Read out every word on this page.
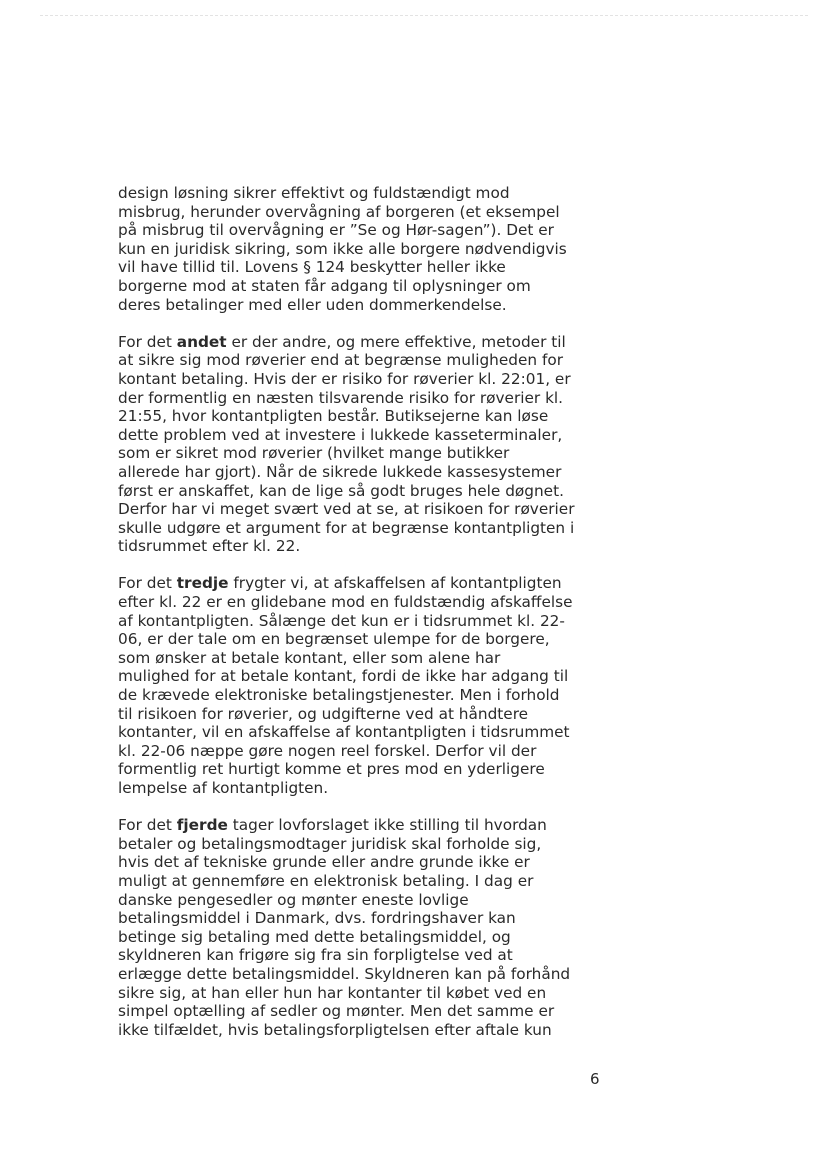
design løsning sikrer effektivt og fuldstændigt mod
misbrug, herunder overvågning af borgeren (et eksempel
på misbrug til overvågning er ”Se og Hør-sagen”). Det er
kun en juridisk sikring, som ikke alle borgere nødvendigvis
vil have tillid til. Lovens § 124 beskytter heller ikke
borgerne mod at staten får adgang til oplysninger om
deres betalinger med eller uden dommerkendelse.

For det andet er der andre, og mere effektive, metoder til
at sikre sig mod røverier end at begrænse muligheden for
kontant betaling. Hvis der er risiko for røverier kl. 22:01, er
der formentlig en næsten tilsvarende risiko for røverier kl.
21:55, hvor kontantpligten består. Butiksejerne kan løse
dette problem ved at investere i lukkede kasseterminaler,
som er sikret mod røverier (hvilket mange butikker
allerede har gjort). Når de sikrede lukkede kassesystemer
først er anskaffet, kan de lige så godt bruges hele døgnet.
Derfor har vi meget svært ved at se, at risikoen for røverier
skulle udgøre et argument for at begrænse kontantpligten i
tidsrummet efter kl. 22.

For det tredje frygter vi, at afskaffelsen af kontantpligten
efter kl. 22 er en glidebane mod en fuldstændig afskaffelse
af kontantpligten. Sålænge det kun er i tidsrummet kl. 22-
06, er der tale om en begrænset ulempe for de borgere,
som ønsker at betale kontant, eller som alene har
mulighed for at betale kontant, fordi de ikke har adgang til
de krævede elektroniske betalingstjenester. Men i forhold
til risikoen for røverier, og udgifterne ved at håndtere
kontanter, vil en afskaffelse af kontantpligten i tidsrummet
kl. 22-06 næppe gøre nogen reel forskel. Derfor vil der
formentlig ret hurtigt komme et pres mod en yderligere
lempelse af kontantpligten.

For det fjerde tager lovforslaget ikke stilling til hvordan
betaler og betalingsmodtager juridisk skal forholde sig,
hvis det af tekniske grunde eller andre grunde ikke er
muligt at gennemføre en elektronisk betaling. I dag er
danske pengesedler og mønter eneste lovlige
betalingsmiddel i Danmark, dvs. fordringshaver kan
betinge sig betaling med dette betalingsmiddel, og
skyldneren kan frigøre sig fra sin forpligtelse ved at
erlægge dette betalingsmiddel. Skyldneren kan på forhånd
sikre sig, at han eller hun har kontanter til købet ved en
simpel optælling af sedler og mønter. Men det samme er
ikke tilfældet, hvis betalingsforpligtelsen efter aftale kun

6
